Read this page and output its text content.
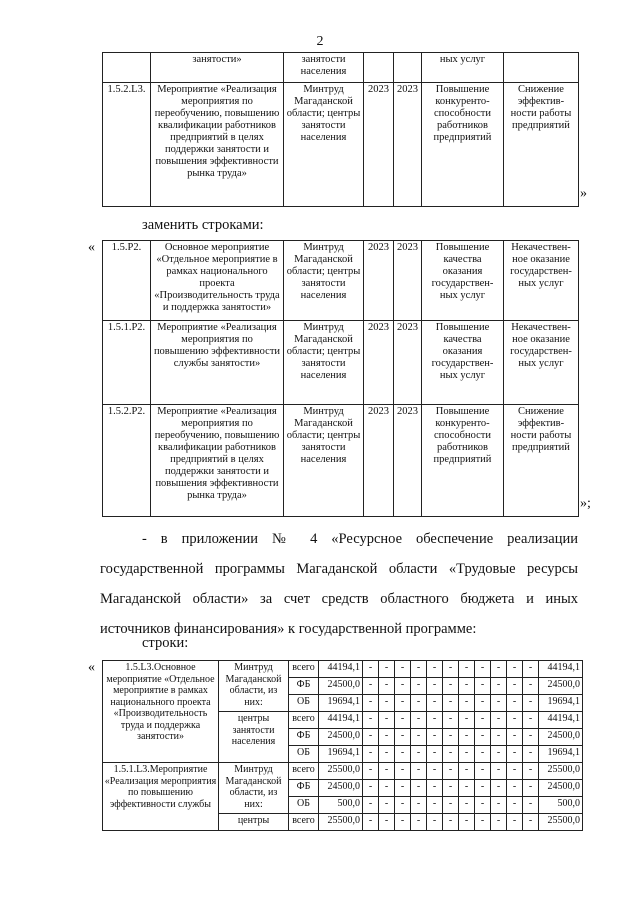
2
	занятости»	занятости населения			ных услуг	
1.5.2.L3.	Мероприятие «Реализация мероприятия по переобучению, повышению квалификации работников предприятий в целях поддержки занятости и повышения эффективности рынка труда»	Минтруд Магаданской области; центры занятости населения	2023	2023	Повышение конкуренто-способности работников предприятий	Снижение эффектив-ности работы предприятий
»
заменить строками:
« 1.5.P2.	Основное мероприятие «Отдельное мероприятие в рамках национального проекта «Производительность труда и поддержка занятости»	Минтруд Магаданской области; центры занятости населения	2023	2023	Повышение качества оказания государствен-ных услуг	Некачествен-ное оказание государствен-ных услуг
1.5.1.P2.	Мероприятие «Реализация мероприятия по повышению эффективности службы занятости»	Минтруд Магаданской области; центры занятости населения	2023	2023	Повышение качества оказания государствен-ных услуг	Некачествен-ное оказание государствен-ных услуг
1.5.2.P2.	Мероприятие «Реализация мероприятия по переобучению, повышению квалификации работников предприятий в целях поддержки занятости и повышения эффективности рынка труда»	Минтруд Магаданской области; центры занятости населения	2023	2023	Повышение конкуренто-способности работников предприятий	Снижение эффектив-ности работы предприятий
»;
- в приложении № 4 «Ресурсное обеспечение реализации государственной программы Магаданской области «Трудовые ресурсы Магаданской области» за счет средств областного бюджета и иных источников финансирования» к государственной программе:
строки:
«	1.5.L3.Основное мероприятие «Отдельное мероприятие в рамках национального проекта «Производительность труда и поддержка занятости»	Минтруд Магаданской области, из них:	всего	44194,1	-	-	-	-	-	-	-	-	-	-	-	44194,1
		ФБ	24500,0	-	-	-	-	-	-	-	-	-	-	-	24500,0
		ОБ	19694,1	-	-	-	-	-	-	-	-	-	-	-	19694,1
	центры занятости населения	всего	44194,1	-	-	-	-	-	-	-	-	-	-	-	44194,1
		ФБ	24500,0	-	-	-	-	-	-	-	-	-	-	-	24500,0
		ОБ	19694,1	-	-	-	-	-	-	-	-	-	-	-	19694,1
1.5.1.L3.Мероприятие «Реализация мероприятия по повышению эффективности службы	Минтруд Магаданской области, из них:	всего	25500,0	-	-	-	-	-	-	-	-	-	-	-	25500,0
		ФБ	24500,0	-	-	-	-	-	-	-	-	-	-	-	24500,0
		ОБ	500,0	-	-	-	-	-	-	-	-	-	-	-	500,0
	центры	всего	25500,0	-	-	-	-	-	-	-	-	-	-	-	25500,0
